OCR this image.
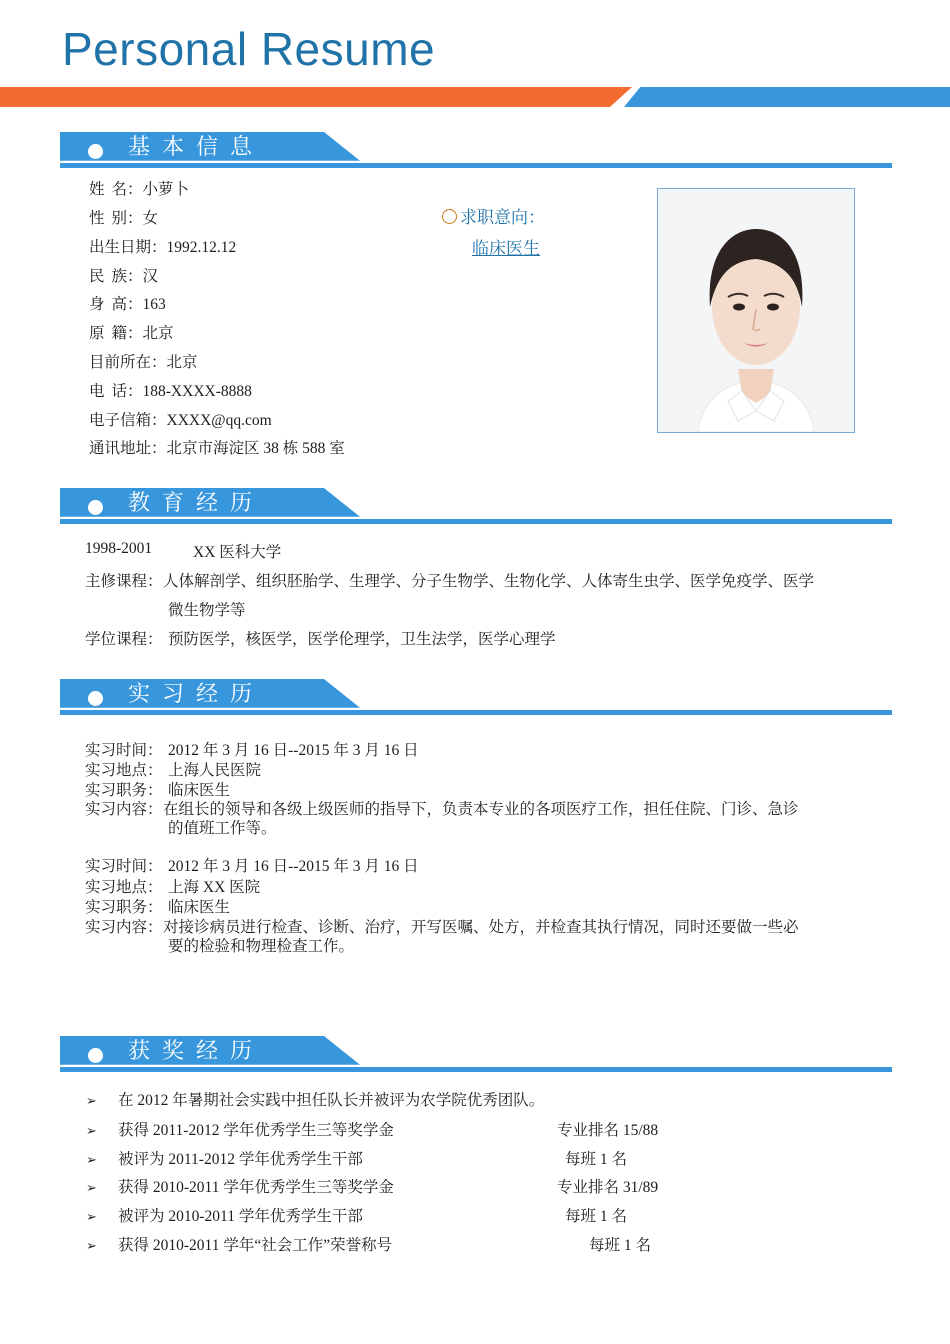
Personal Resume
基本信息
姓名：小萝卜
性别：女
出生日期：1992.12.12
民族：汉
身高：163
原籍：北京
目前所在：北京
电话：188-XXXX-8888
电子信箱：XXXX@qq.com
通讯地址：北京市海淀区 38 栋 588 室
求职意向：
临床医生
教育经历
1998-2001	XX 医科大学
主修课程： 人体解剖学、组织胚胎学、生理学、分子生物学、生物化学、人体寄生虫学、医学免疫学、医学
微生物学等
学位课程： 预防医学，核医学，医学伦理学，卫生法学，医学心理学
实习经历
实习时间： 2012 年 3 月 16 日--2015 年 3 月 16 日
实习地点： 上海人民医院
实习职务： 临床医生
实习内容： 在组长的领导和各级上级医师的指导下，负责本专业的各项医疗工作，担任住院、门诊、急诊
的值班工作等。
实习时间： 2012 年 3 月 16 日--2015 年 3 月 16 日
实习地点： 上海 XX 医院
实习职务： 临床医生
实习内容： 对接诊病员进行检查、诊断、治疗，开写医嘱、处方，并检查其执行情况，同时还要做一些必
要的检验和物理检查工作。
获奖经历
➢ 在 2012 年暑期社会实践中担任队长并被评为农学院优秀团队。
➢ 获得 2011-2012 学年优秀学生三等奖学金	专业排名 15/88
➢ 被评为 2011-2012 学年优秀学生干部	每班 1 名
➢ 获得 2010-2011 学年优秀学生三等奖学金	专业排名 31/89
➢ 被评为 2010-2011 学年优秀学生干部	每班 1 名
➢ 获得 2010-2011 学年“社会工作”荣誉称号	每班 1 名
